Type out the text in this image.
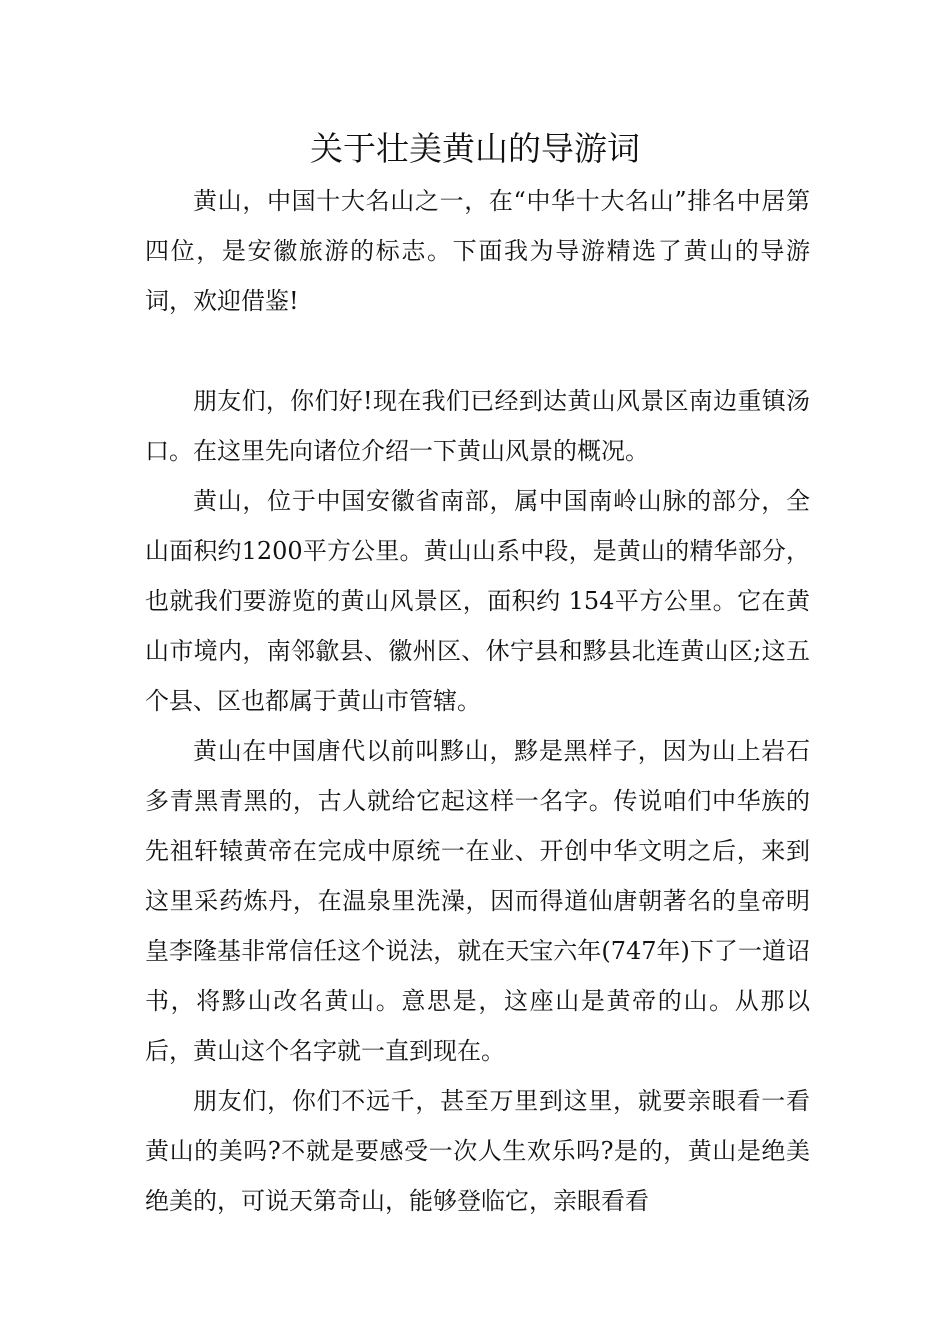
关于壮美黄山的导游词

黄山，中国十大名山之一，在“中华十大名山”排名中居第四位，是安徽旅游的标志。下面我为导游精选了黄山的导游词，欢迎借鉴!

朋友们，你们好!现在我们已经到达黄山风景区南边重镇汤口。在这里先向诸位介绍一下黄山风景的概况。

黄山，位于中国安徽省南部，属中国南岭山脉的部分，全山面积约1200平方公里。黄山山系中段，是黄山的精华部分，也就我们要游览的黄山风景区，面积约 154平方公里。它在黄山市境内，南邻歙县、徽州区、休宁县和黟县北连黄山区;这五个县、区也都属于黄山市管辖。

黄山在中国唐代以前叫黟山，黟是黑样子，因为山上岩石多青黑青黑的，古人就给它起这样一名字。传说咱们中华族的先祖轩辕黄帝在完成中原统一在业、开创中华文明之后，来到这里采药炼丹，在温泉里洗澡，因而得道仙唐朝著名的皇帝明皇李隆基非常信任这个说法，就在天宝六年(747年)下了一道诏书，将黟山改名黄山。意思是，这座山是黄帝的山。从那以后，黄山这个名字就一直到现在。

朋友们，你们不远千，甚至万里到这里，就要亲眼看一看黄山的美吗?不就是要感受一次人生欢乐吗?是的，黄山是绝美绝美的，可说天第奇山，能够登临它，亲眼看看
